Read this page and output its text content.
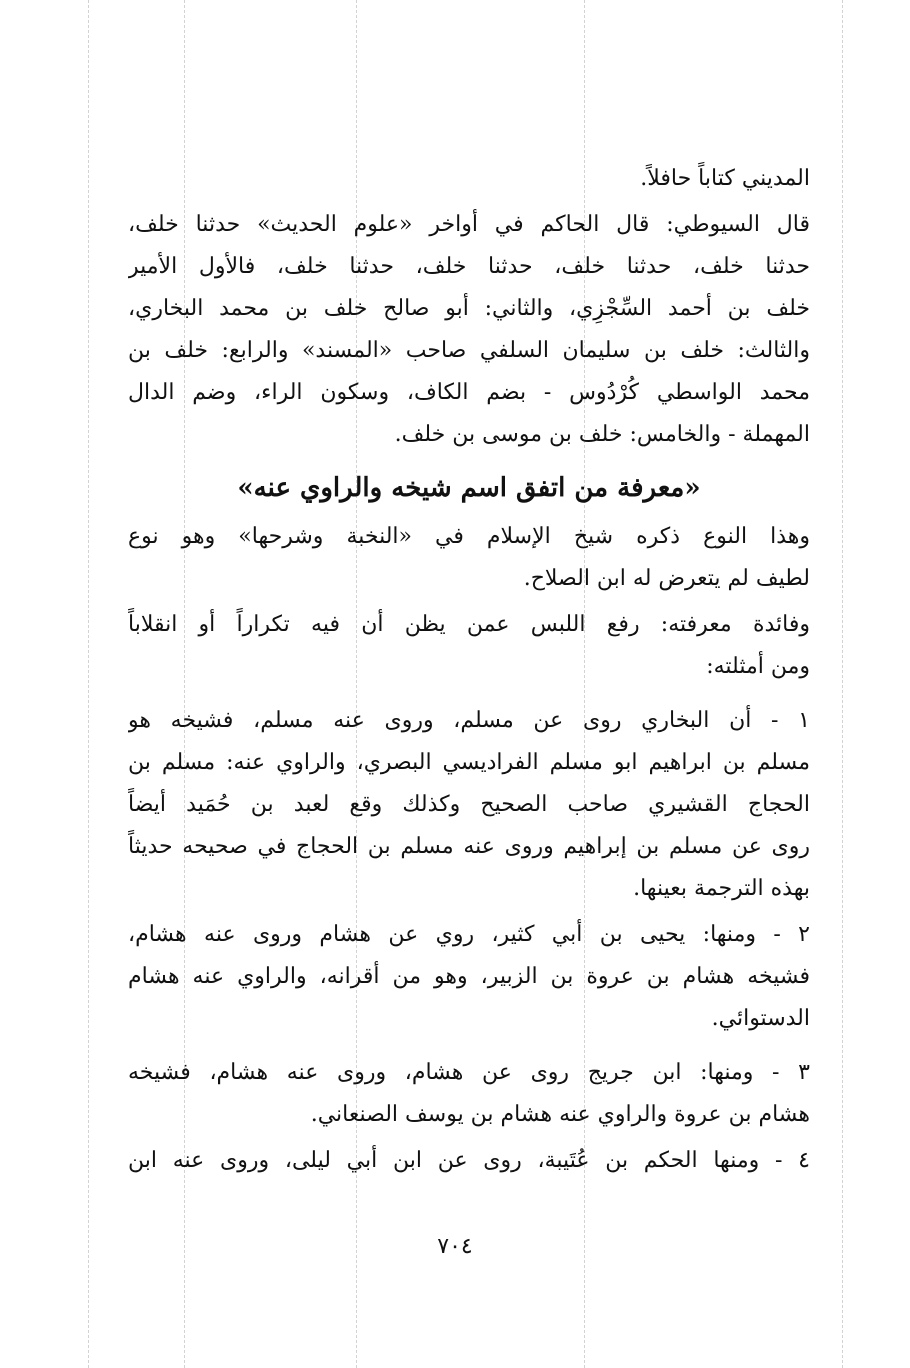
المديني كتاباً حافلاً.
قال السيوطي: قال الحاكم في أواخر «علوم الحديث» حدثنا خلف،
حدثنا خلف، حدثنا خلف، حدثنا خلف، حدثنا خلف، فالأول الأمير
خلف بن أحمد السِّجْزِي، والثاني: أبو صالح خلف بن محمد البخاري،
والثالث: خلف بن سليمان السلفي صاحب «المسند» والرابع: خلف بن
محمد الواسطي كُرْدُوس - بضم الكاف، وسكون الراء، وضم الدال
المهملة - والخامس: خلف بن موسى بن خلف.
«معرفة من اتفق اسم شيخه والراوي عنه»
وهذا النوع ذكره شيخ الإسلام في «النخبة وشرحها» وهو نوع
لطيف لم يتعرض له ابن الصلاح.
وفائدة معرفته: رفع اللبس عمن يظن أن فيه تكراراً أو انقلاباً
ومن أمثلته:
١ - أن البخاري روى عن مسلم، وروى عنه مسلم، فشيخه هو
مسلم بن ابراهيم ابو مسلم الفراديسي البصري، والراوي عنه: مسلم بن
الحجاج القشيري صاحب الصحيح وكذلك وقع لعبد بن حُمَيد أيضاً
روى عن مسلم بن إبراهيم وروى عنه مسلم بن الحجاج في صحيحه حديثاً
بهذه الترجمة بعينها.
٢ - ومنها: يحيى بن أبي كثير، روي عن هشام وروى عنه هشام،
فشيخه هشام بن عروة بن الزبير، وهو من أقرانه، والراوي عنه هشام
الدستوائي.
٣ - ومنها: ابن جريج روى عن هشام، وروى عنه هشام، فشيخه
هشام بن عروة والراوي عنه هشام بن يوسف الصنعاني.
٤ - ومنها الحكم بن عُتَيبة، روى عن ابن أبي ليلى، وروى عنه ابن
٧٠٤
